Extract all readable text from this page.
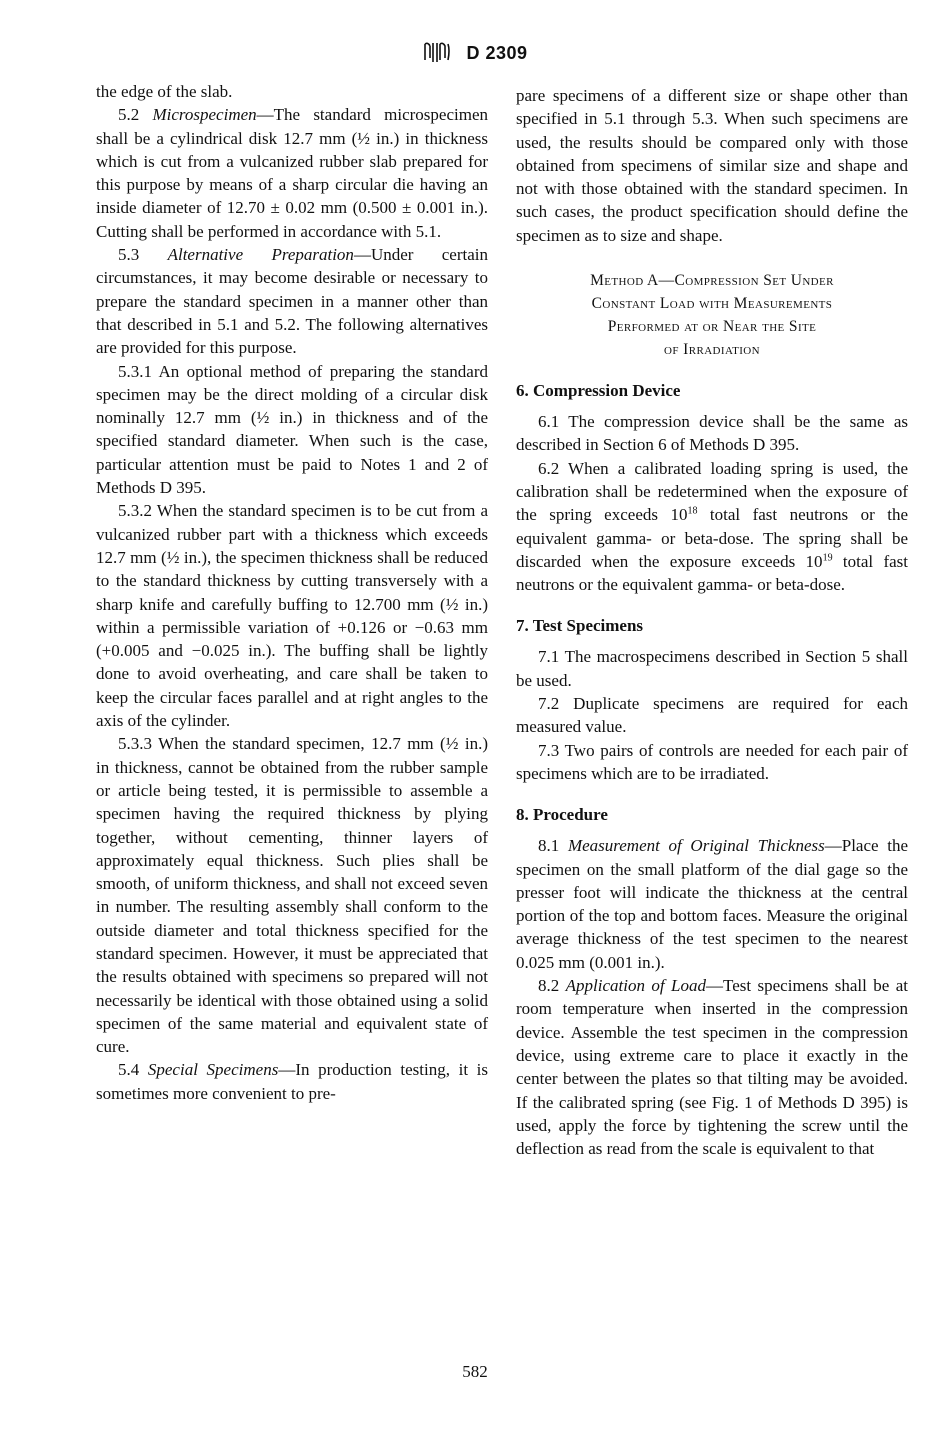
D 2309

the edge of the slab.

5.2 Microspecimen—The standard microspecimen shall be a cylindrical disk 12.7 mm (½ in.) in thickness which is cut from a vulcanized rubber slab prepared for this purpose by means of a sharp circular die having an inside diameter of 12.70 ± 0.02 mm (0.500 ± 0.001 in.). Cutting shall be performed in accordance with 5.1.

5.3 Alternative Preparation—Under certain circumstances, it may become desirable or necessary to prepare the standard specimen in a manner other than that described in 5.1 and 5.2. The following alternatives are provided for this purpose.

5.3.1 An optional method of preparing the standard specimen may be the direct molding of a circular disk nominally 12.7 mm (½ in.) in thickness and of the specified standard diameter. When such is the case, particular attention must be paid to Notes 1 and 2 of Methods D 395.

5.3.2 When the standard specimen is to be cut from a vulcanized rubber part with a thickness which exceeds 12.7 mm (½ in.), the specimen thickness shall be reduced to the standard thickness by cutting transversely with a sharp knife and carefully buffing to 12.700 mm (½ in.) within a permissible variation of +0.126 or −0.63 mm (+0.005 and −0.025 in.). The buffing shall be lightly done to avoid overheating, and care shall be taken to keep the circular faces parallel and at right angles to the axis of the cylinder.

5.3.3 When the standard specimen, 12.7 mm (½ in.) in thickness, cannot be obtained from the rubber sample or article being tested, it is permissible to assemble a specimen having the required thickness by plying together, without cementing, thinner layers of approximately equal thickness. Such plies shall be smooth, of uniform thickness, and shall not exceed seven in number. The resulting assembly shall conform to the outside diameter and total thickness specified for the standard specimen. However, it must be appreciated that the results obtained with specimens so prepared will not necessarily be identical with those obtained using a solid specimen of the same material and equivalent state of cure.

5.4 Special Specimens—In production testing, it is sometimes more convenient to pre-

pare specimens of a different size or shape other than specified in 5.1 through 5.3. When such specimens are used, the results should be compared only with those obtained from specimens of similar size and shape and not with those obtained with the standard specimen. In such cases, the product specification should define the specimen as to size and shape.

Method A—Compression Set Under
Constant Load with Measurements
Performed at or Near the Site
of Irradiation
6. Compression Device

6.1 The compression device shall be the same as described in Section 6 of Methods D 395.

6.2 When a calibrated loading spring is used, the calibration shall be redetermined when the exposure of the spring exceeds $10^{18}$ total fast neutrons or the equivalent gamma- or beta-dose. The spring shall be discarded when the exposure exceeds $10^{19}$ total fast neutrons or the equivalent gamma- or beta-dose.

7. Test Specimens

7.1 The macrospecimens described in Section 5 shall be used.

7.2 Duplicate specimens are required for each measured value.

7.3 Two pairs of controls are needed for each pair of specimens which are to be irradiated.

8. Procedure

8.1 Measurement of Original Thickness—Place the specimen on the small platform of the dial gage so the presser foot will indicate the thickness at the central portion of the top and bottom faces. Measure the original average thickness of the test specimen to the nearest 0.025 mm (0.001 in.).

8.2 Application of Load—Test specimens shall be at room temperature when inserted in the compression device. Assemble the test specimen in the compression device, using extreme care to place it exactly in the center between the plates so that tilting may be avoided. If the calibrated spring (see Fig. 1 of Methods D 395) is used, apply the force by tightening the screw until the deflection as read from the scale is equivalent to that

582
